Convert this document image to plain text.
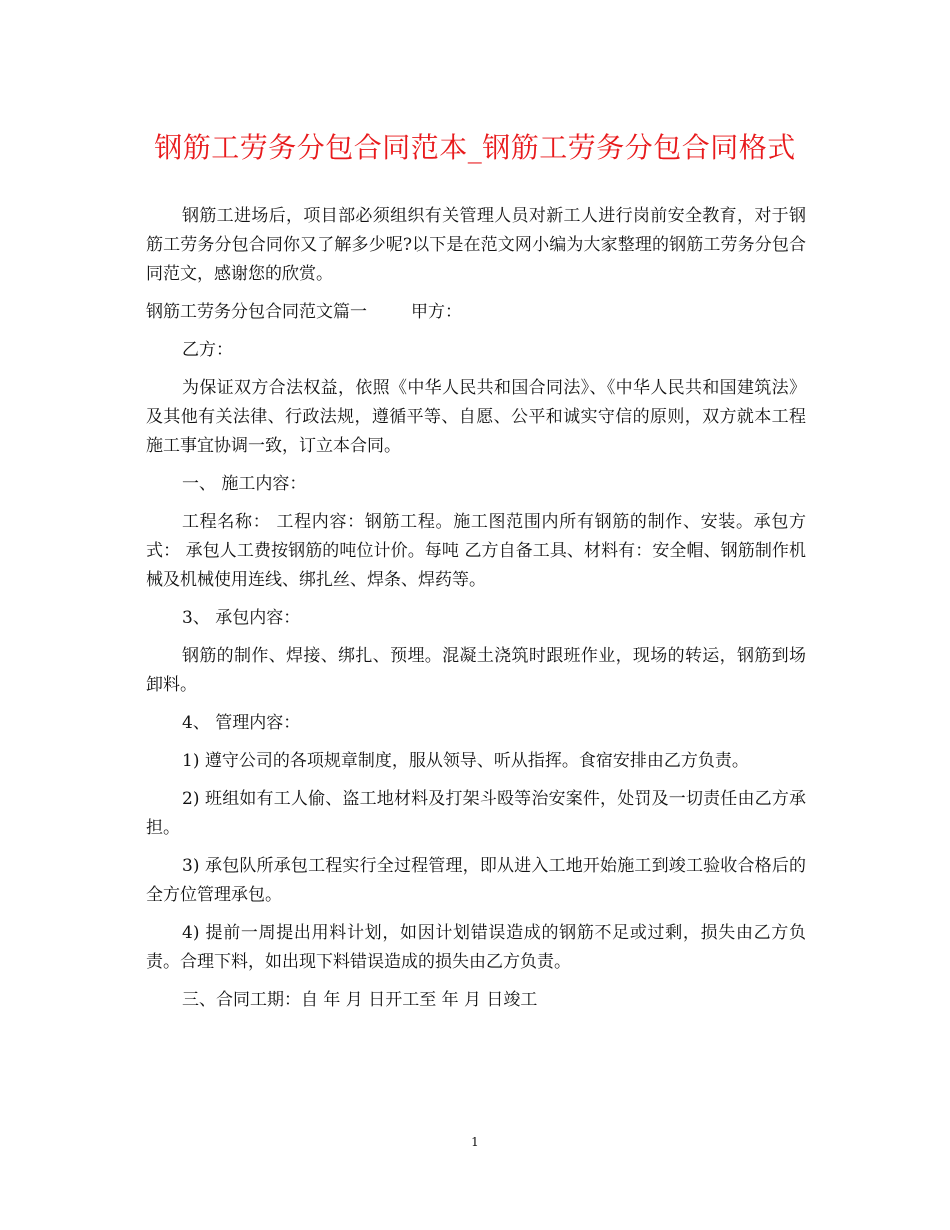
钢筋工劳务分包合同范本_钢筋工劳务分包合同格式

钢筋工进场后，项目部必须组织有关管理人员对新工人进行岗前安全教育，对于钢筋工劳务分包合同你又了解多少呢?以下是在范文网小编为大家整理的钢筋工劳务分包合同范文，感谢您的欣赏。

钢筋工劳务分包合同范文篇一	甲方：

乙方：

为保证双方合法权益，依照《中华人民共和国合同法》、《中华人民共和国建筑法》及其他有关法律、行政法规，遵循平等、自愿、公平和诚实守信的原则，双方就本工程施工事宜协调一致，订立本合同。

一、 施工内容：

工程名称： 工程内容：钢筋工程。施工图范围内所有钢筋的制作、安装。承包方式： 承包人工费按钢筋的吨位计价。每吨 乙方自备工具、材料有：安全帽、钢筋制作机械及机械使用连线、绑扎丝、焊条、焊药等。

3、 承包内容：

钢筋的制作、焊接、绑扎、预埋。混凝土浇筑时跟班作业，现场的转运，钢筋到场卸料。

4、 管理内容：

1) 遵守公司的各项规章制度，服从领导、听从指挥。食宿安排由乙方负责。

2) 班组如有工人偷、盗工地材料及打架斗殴等治安案件，处罚及一切责任由乙方承担。

3) 承包队所承包工程实行全过程管理，即从进入工地开始施工到竣工验收合格后的全方位管理承包。

4) 提前一周提出用料计划，如因计划错误造成的钢筋不足或过剩，损失由乙方负责。合理下料，如出现下料错误造成的损失由乙方负责。

三、合同工期：自 年 月 日开工至 年 月 日竣工

1
